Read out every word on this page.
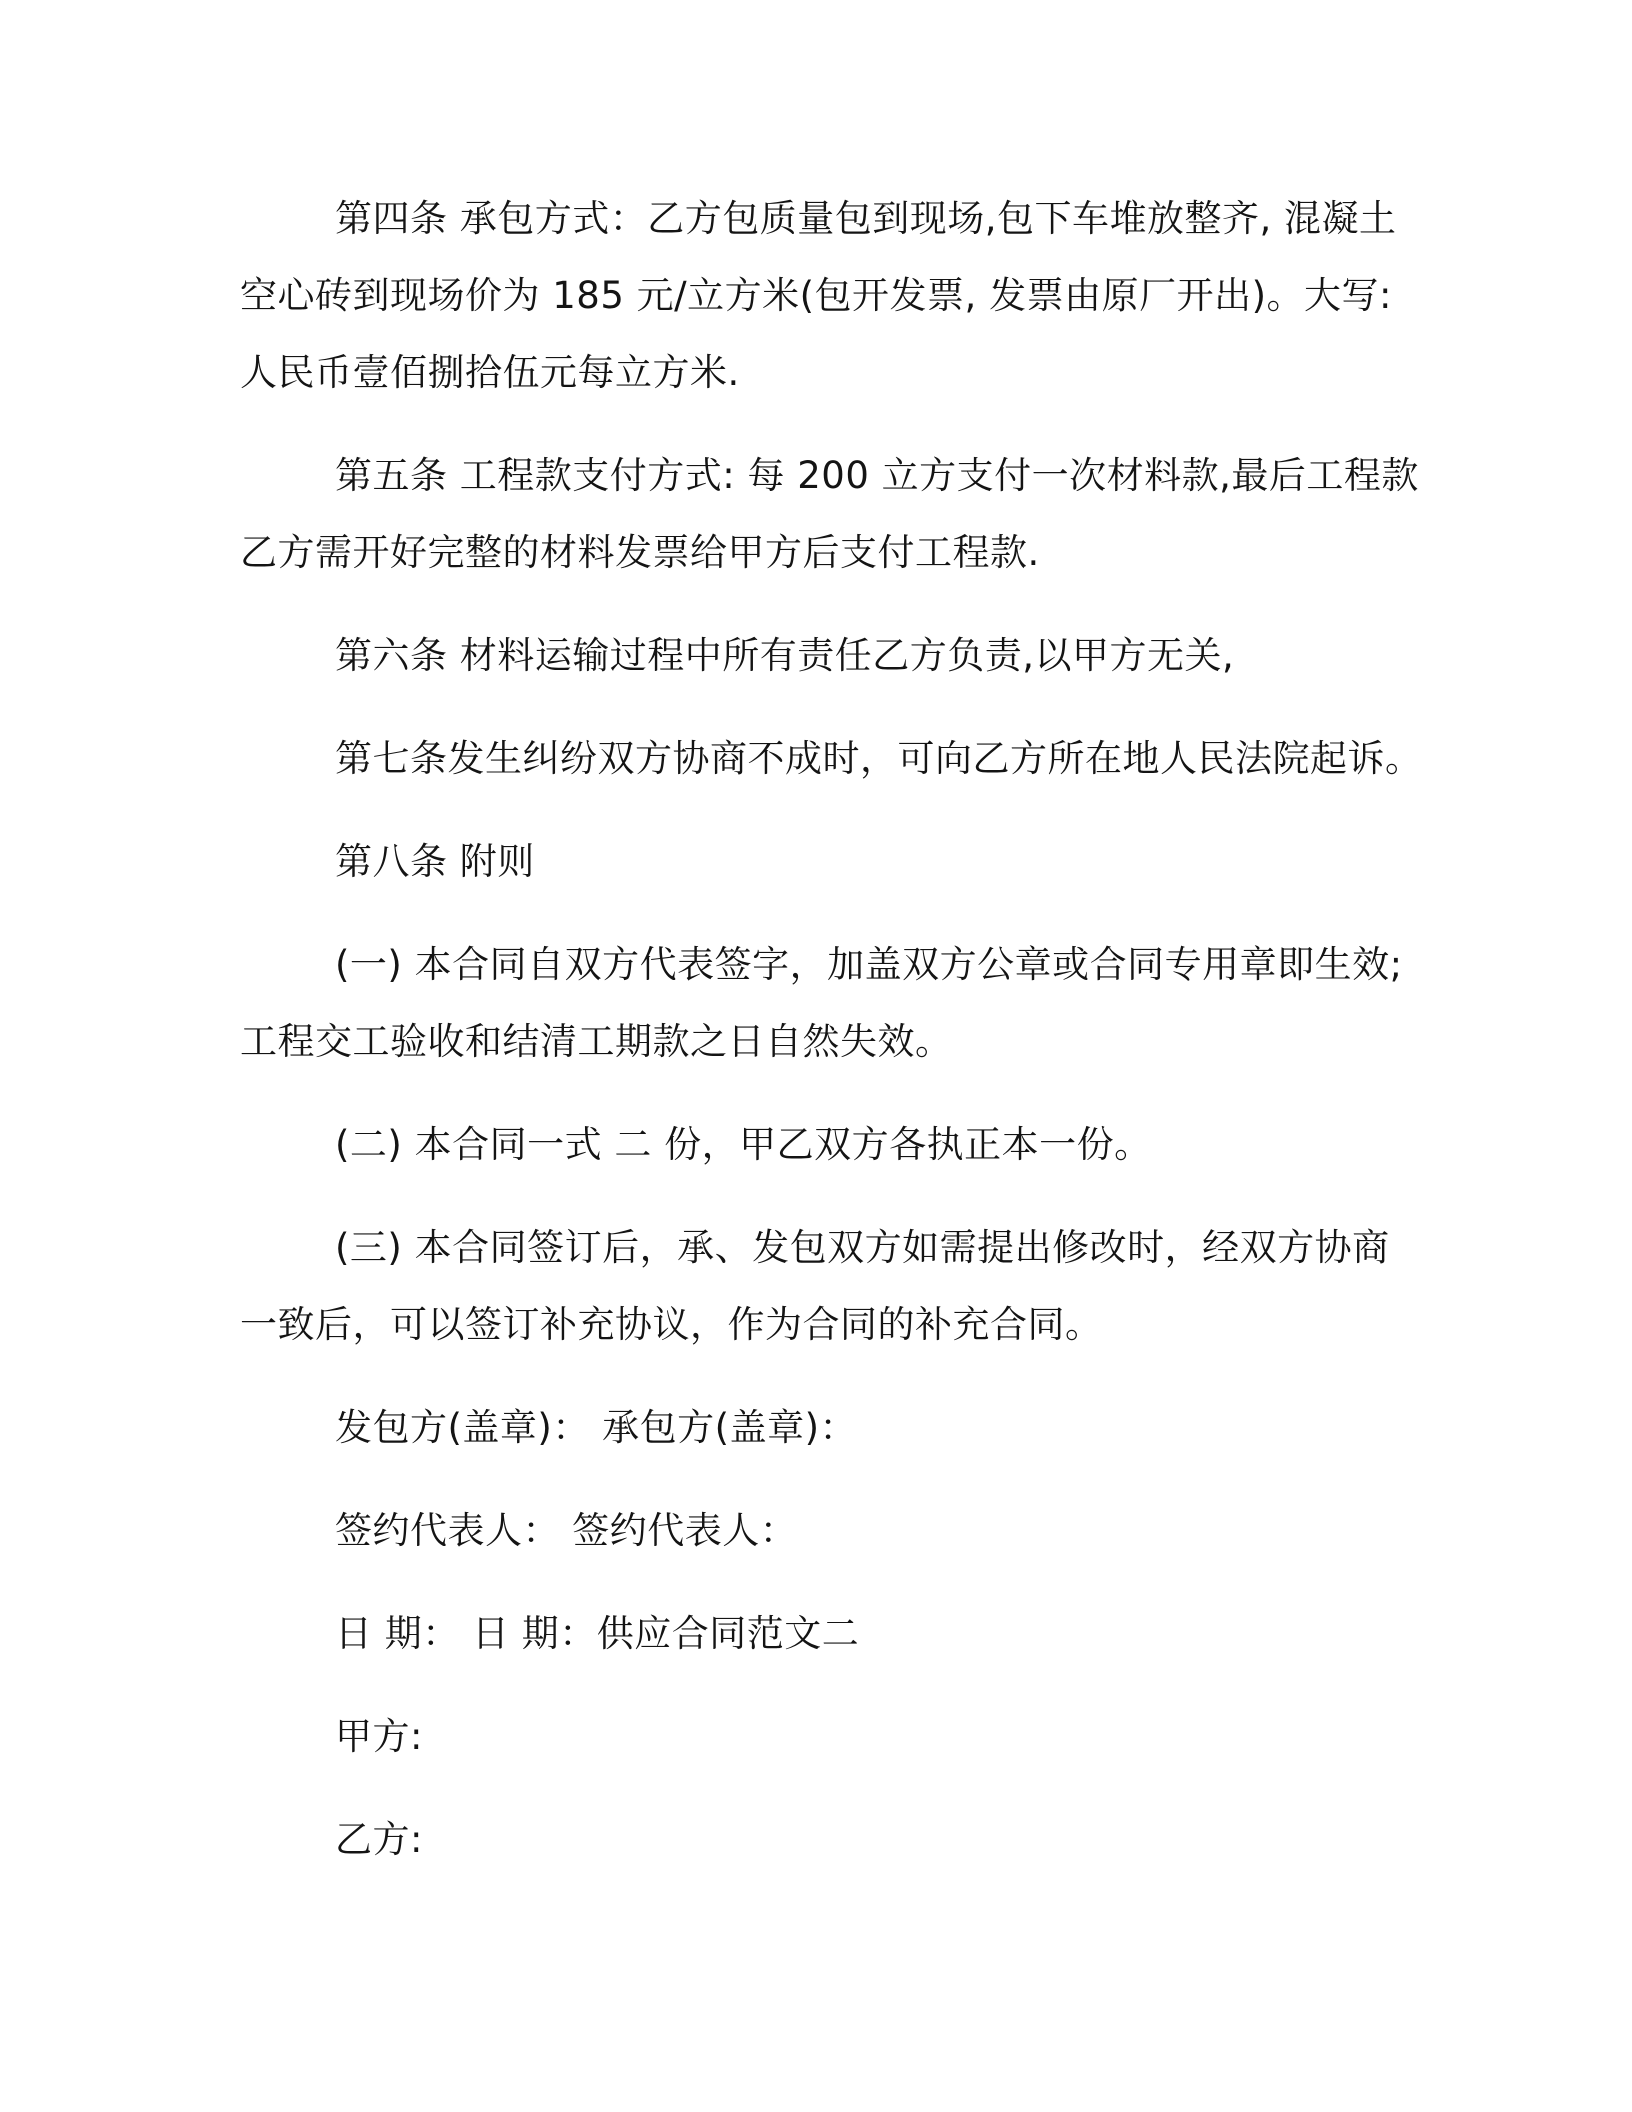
第四条 承包方式：乙方包质量包到现场,包下车堆放整齐, 混凝土

空心砖到现场价为 185 元/立方米(包开发票, 发票由原厂开出)。大写:

人民币壹佰捌拾伍元每立方米.

第五条 工程款支付方式: 每 200 立方支付一次材料款,最后工程款

乙方需开好完整的材料发票给甲方后支付工程款.

第六条 材料运输过程中所有责任乙方负责,以甲方无关,

第七条发生纠纷双方协商不成时，可向乙方所在地人民法院起诉。

第八条 附则

(一) 本合同自双方代表签字，加盖双方公章或合同专用章即生效;

工程交工验收和结清工期款之日自然失效。

(二) 本合同一式 二 份，甲乙双方各执正本一份。

(三) 本合同签订后，承、发包双方如需提出修改时，经双方协商

一致后，可以签订补充协议，作为合同的补充合同。

发包方(盖章)： 承包方(盖章)：

签约代表人： 签约代表人：

日 期： 日 期：供应合同范文二

甲方:

乙方:
